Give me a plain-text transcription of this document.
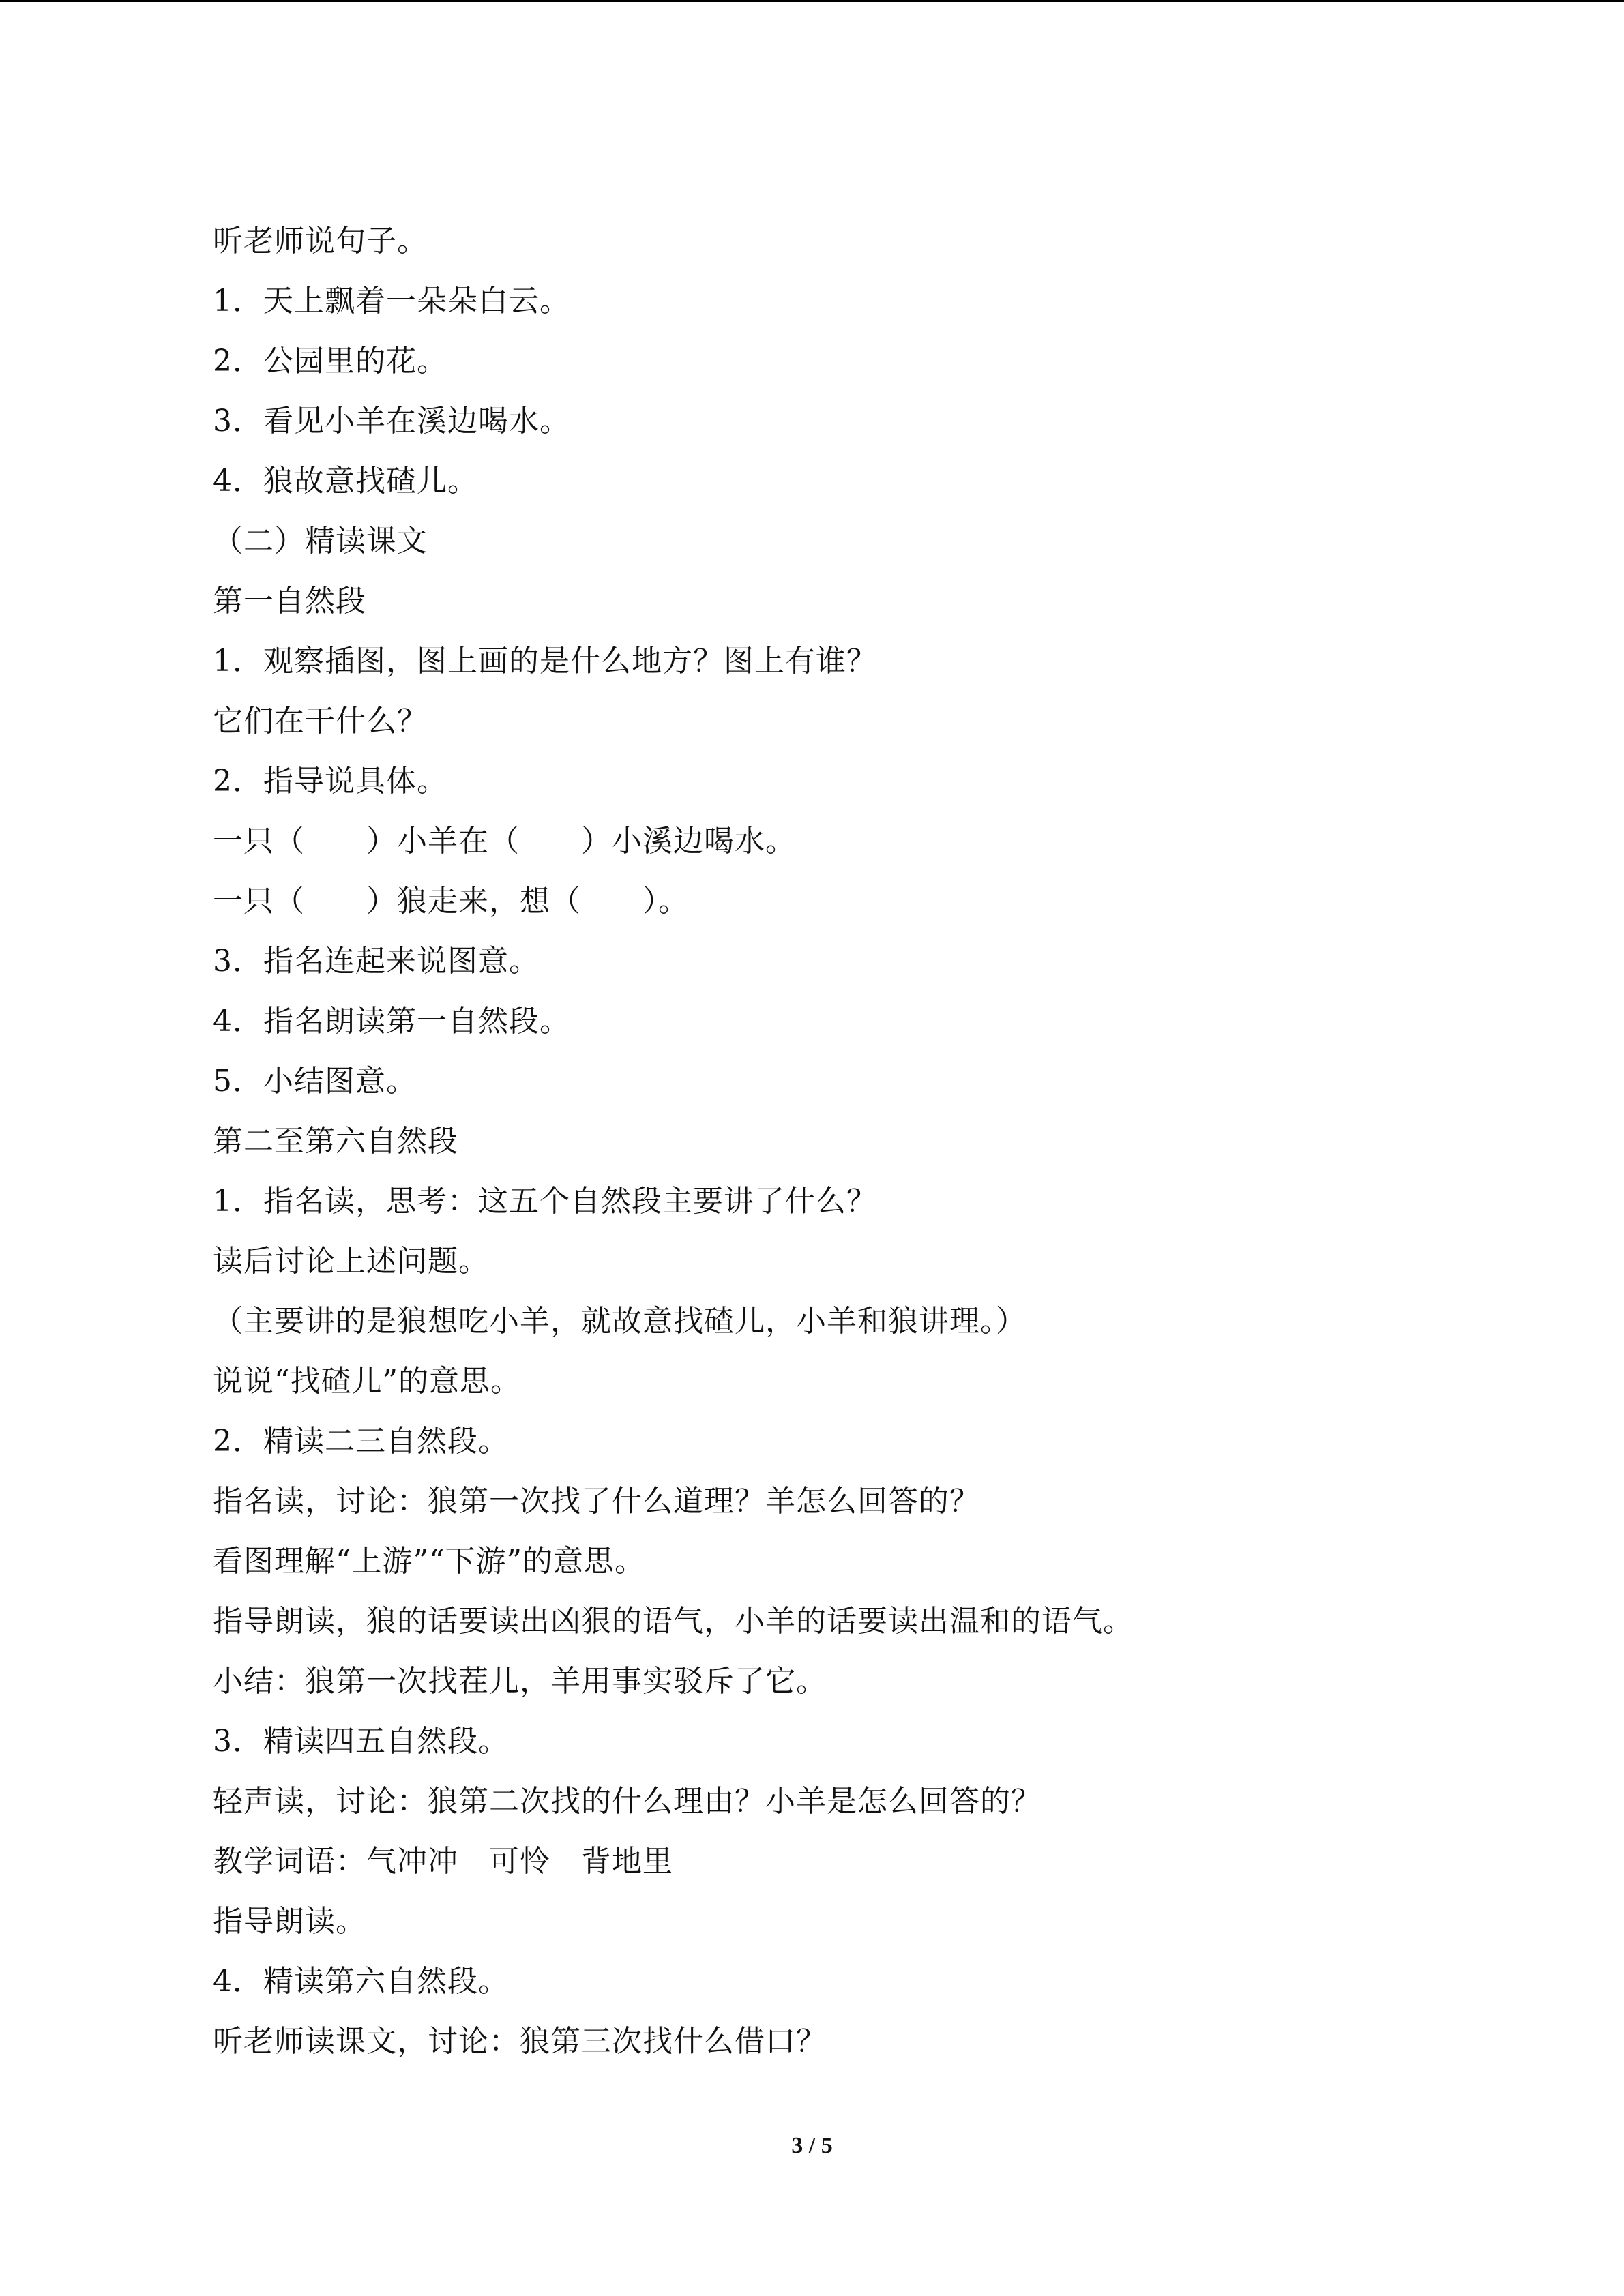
听老师说句子。
1．天上飘着一朵朵白云。
2．公园里的花。
3．看见小羊在溪边喝水。
4．狼故意找碴儿。
（二）精读课文
第一自然段
1．观察插图，图上画的是什么地方？图上有谁？
它们在干什么？
2．指导说具体。
一只（　　）小羊在（　　）小溪边喝水。
一只（　　）狼走来，想（　　）。
3．指名连起来说图意。
4．指名朗读第一自然段。
5．小结图意。
第二至第六自然段
1．指名读，思考：这五个自然段主要讲了什么？
读后讨论上述问题。
（主要讲的是狼想吃小羊，就故意找碴儿，小羊和狼讲理。）
说说“找碴儿”的意思。
2．精读二三自然段。
指名读，讨论：狼第一次找了什么道理？羊怎么回答的？
看图理解“上游”“下游”的意思。
指导朗读，狼的话要读出凶狠的语气，小羊的话要读出温和的语气。
小结：狼第一次找茬儿，羊用事实驳斥了它。
3．精读四五自然段。
轻声读，讨论：狼第二次找的什么理由？小羊是怎么回答的？
教学词语：气冲冲　可怜　背地里
指导朗读。
4．精读第六自然段。
听老师读课文，讨论：狼第三次找什么借口？
3 / 5
